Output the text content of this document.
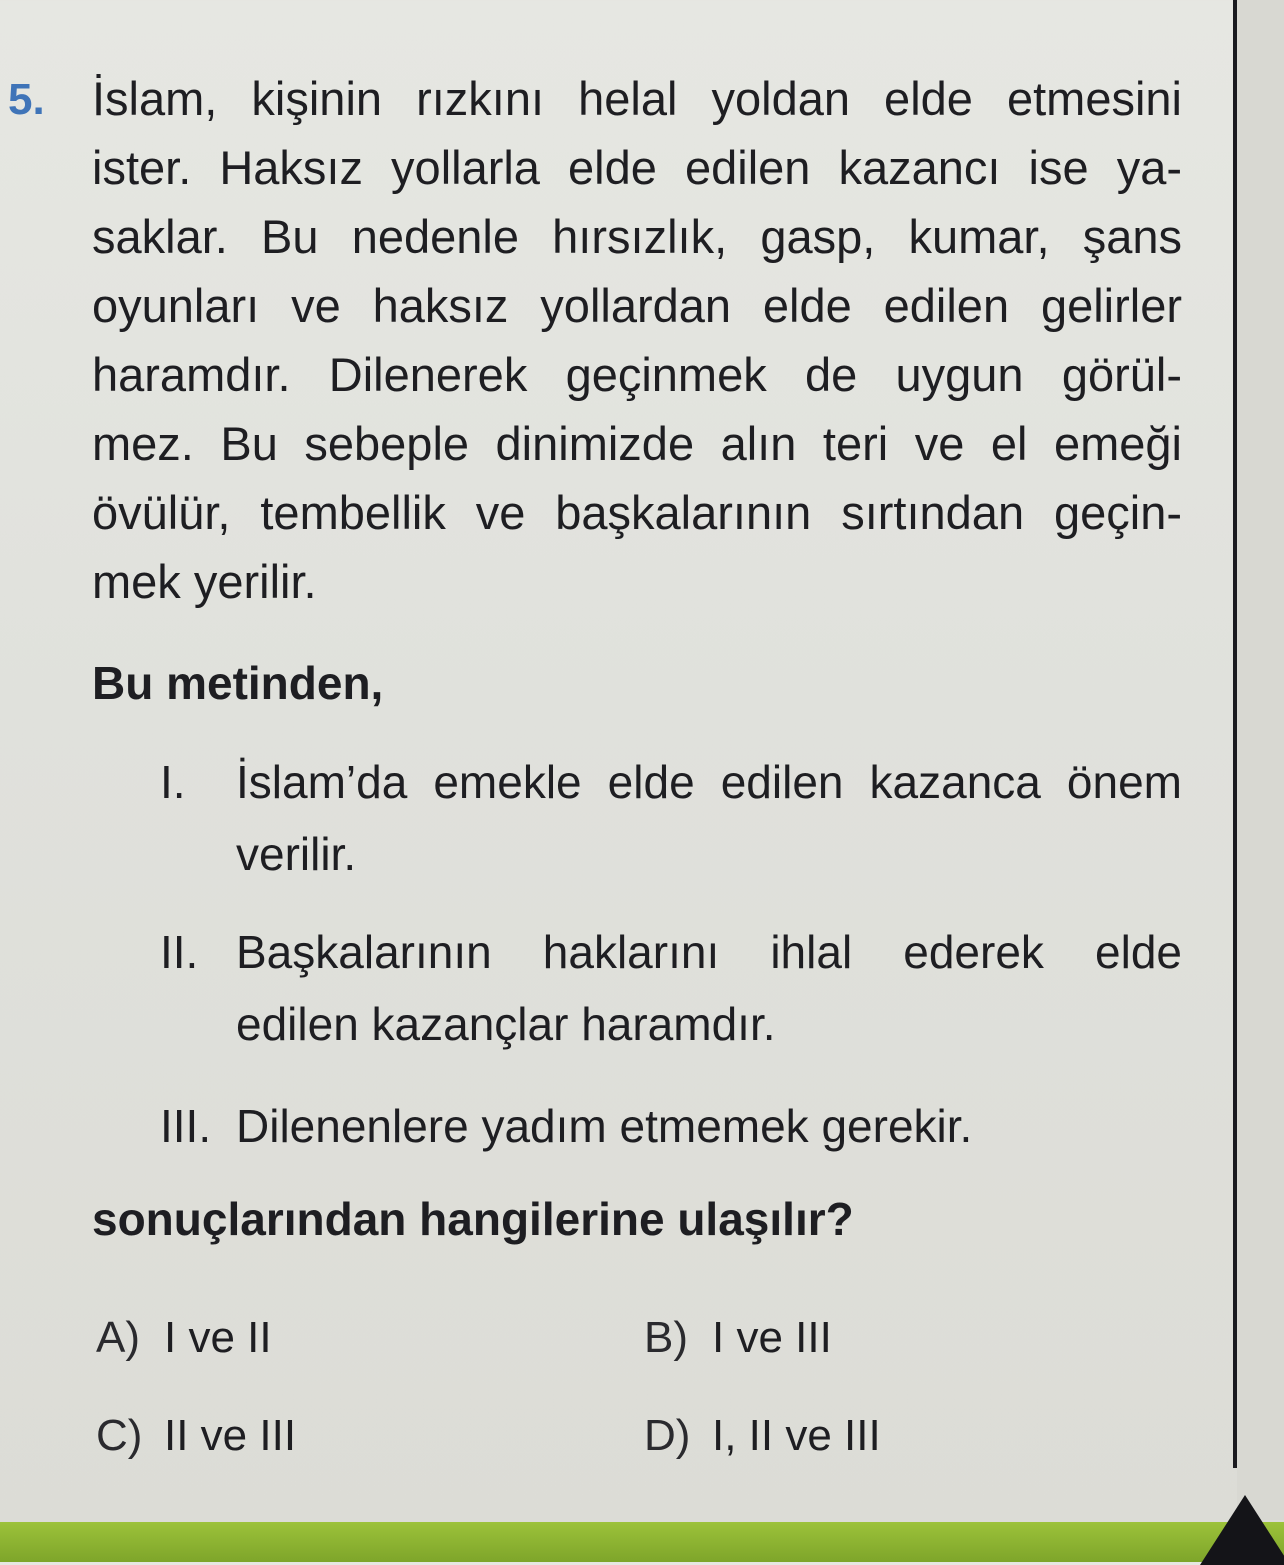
5. İslam, kişinin rızkını helal yoldan elde etmesini
ister. Haksız yollarla elde edilen kazancı ise ya-
saklar. Bu nedenle hırsızlık, gasp, kumar, şans
oyunları ve haksız yollardan elde edilen gelirler
haramdır. Dilenerek geçinmek de uygun görül-
mez. Bu sebeple dinimizde alın teri ve el emeği
övülür, tembellik ve başkalarının sırtından geçin-
mek yerilir.
Bu metinden,
I. İslam’da emekle elde edilen kazanca önem
verilir.
II. Başkalarının haklarını ihlal ederek elde
edilen kazançlar haramdır.
III. Dilenenlere yadım etmemek gerekir.
sonuçlarından hangilerine ulaşılır?
A) I ve II	B) I ve III
C) II ve III	D) I, II ve III
